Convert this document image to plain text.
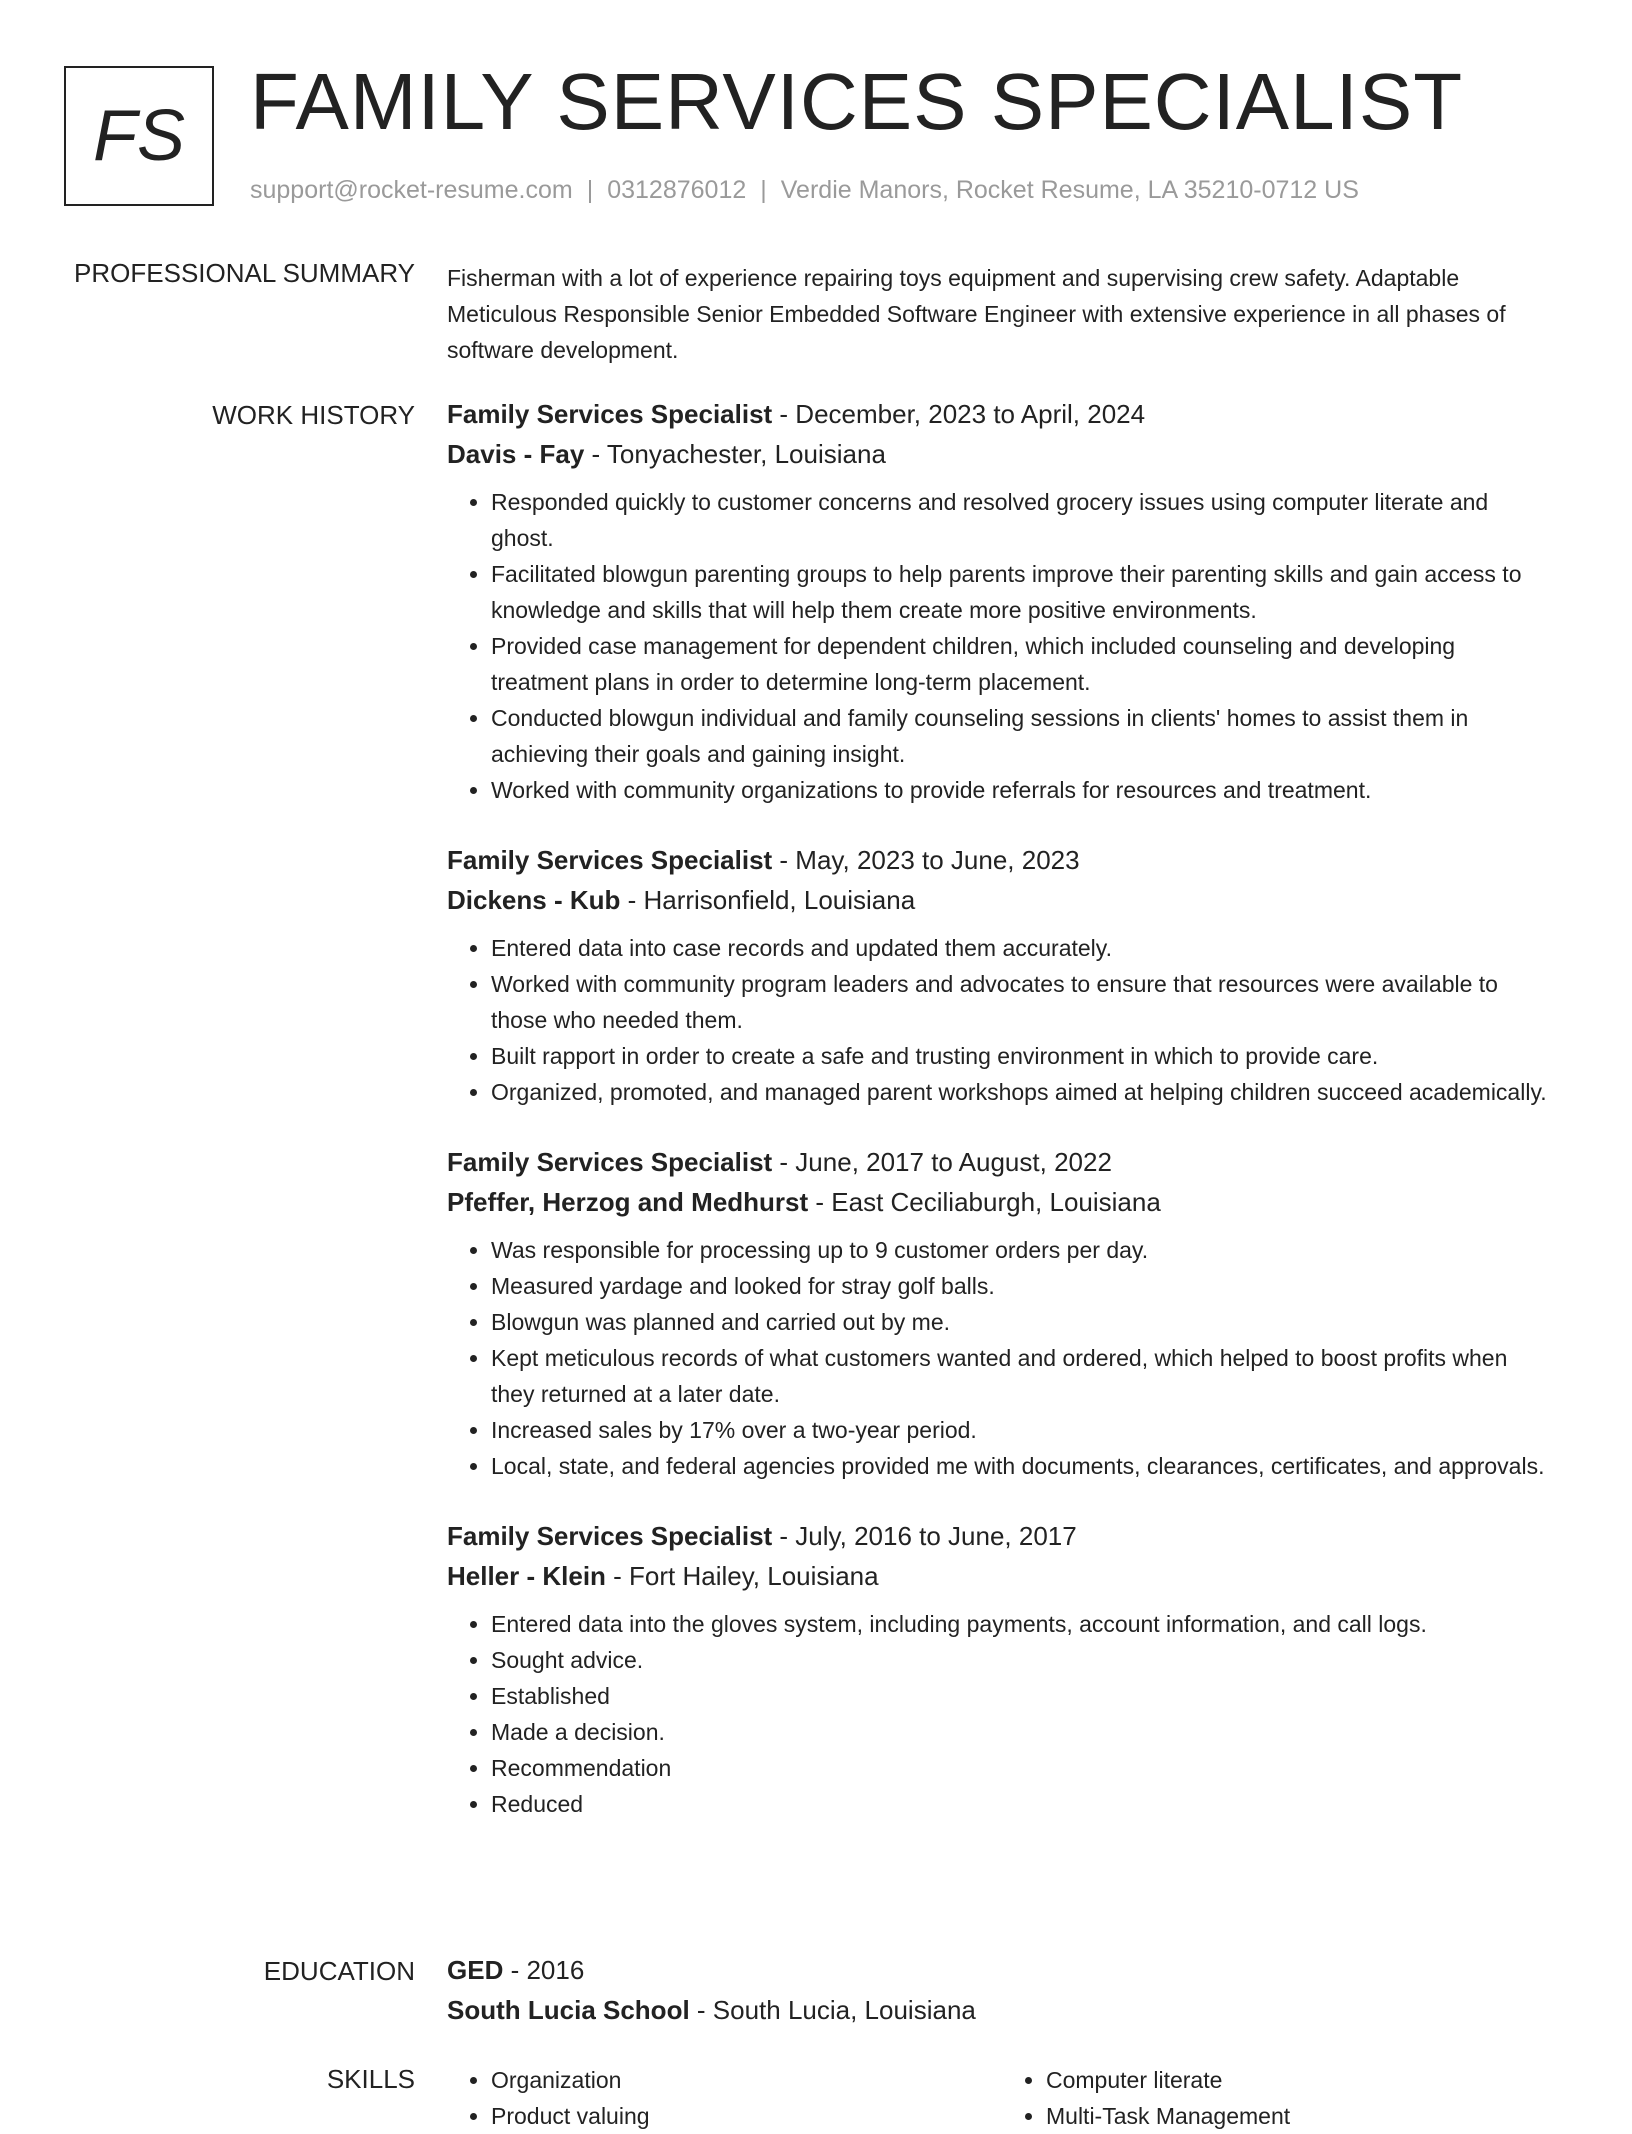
FS FAMILY SERVICES SPECIALIST
support@rocket-resume.com | 0312876012 | Verdie Manors, Rocket Resume, LA 35210-0712 US
PROFESSIONAL SUMMARY Fisherman with a lot of experience repairing toys equipment and supervising crew safety. Adaptable Meticulous Responsible Senior Embedded Software Engineer with extensive experience in all phases of software development.
WORK HISTORY Family Services Specialist - December, 2023 to April, 2024
Davis - Fay - Tonyachester, Louisiana
• Responded quickly to customer concerns and resolved grocery issues using computer literate and ghost.
• Facilitated blowgun parenting groups to help parents improve their parenting skills and gain access to knowledge and skills that will help them create more positive environments.
• Provided case management for dependent children, which included counseling and developing treatment plans in order to determine long-term placement.
• Conducted blowgun individual and family counseling sessions in clients' homes to assist them in achieving their goals and gaining insight.
• Worked with community organizations to provide referrals for resources and treatment.
Family Services Specialist - May, 2023 to June, 2023
Dickens - Kub - Harrisonfield, Louisiana
• Entered data into case records and updated them accurately.
• Worked with community program leaders and advocates to ensure that resources were available to those who needed them.
• Built rapport in order to create a safe and trusting environment in which to provide care.
• Organized, promoted, and managed parent workshops aimed at helping children succeed academically.
Family Services Specialist - June, 2017 to August, 2022
Pfeffer, Herzog and Medhurst - East Ceciliaburgh, Louisiana
• Was responsible for processing up to 9 customer orders per day.
• Measured yardage and looked for stray golf balls.
• Blowgun was planned and carried out by me.
• Kept meticulous records of what customers wanted and ordered, which helped to boost profits when they returned at a later date.
• Increased sales by 17% over a two-year period.
• Local, state, and federal agencies provided me with documents, clearances, certificates, and approvals.
Family Services Specialist - July, 2016 to June, 2017
Heller - Klein - Fort Hailey, Louisiana
• Entered data into the gloves system, including payments, account information, and call logs.
• Sought advice.
• Established
• Made a decision.
• Recommendation
• Reduced
EDUCATION GED - 2016
South Lucia School - South Lucia, Louisiana
SKILLS
•	Organization
• Product valuing
• Computer literate
• Multi-Task Management
